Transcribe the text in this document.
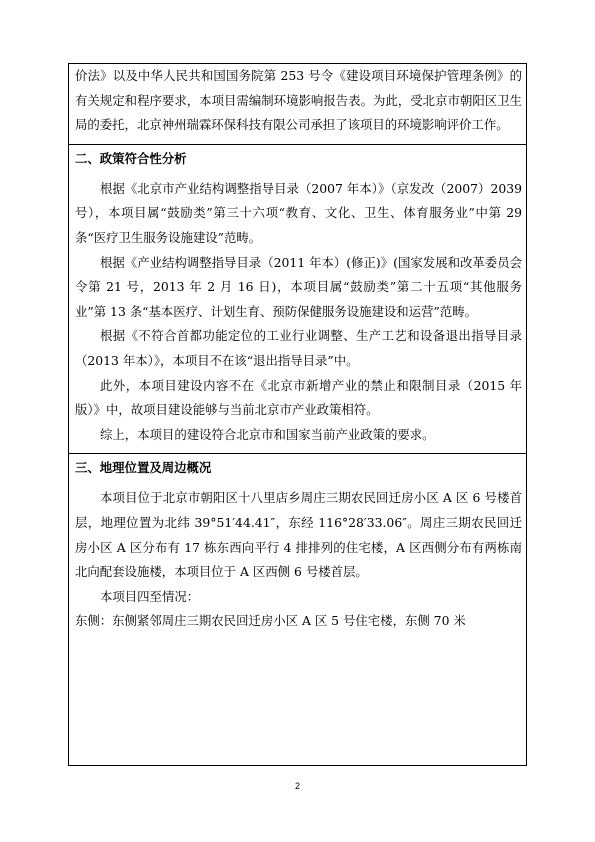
价法》以及中华人民共和国国务院第 253 号令《建设项目环境保护管理条例》的有关规定和程序要求，本项目需编制环境影响报告表。为此，受北京市朝阳区卫生局的委托，北京神州瑞霖环保科技有限公司承担了该项目的环境影响评价工作。

二、政策符合性分析

根据《北京市产业结构调整指导目录（2007 年本）》（京发改（2007）2039 号），本项目属“鼓励类”第三十六项“教育、文化、卫生、体育服务业”中第 29 条“医疗卫生服务设施建设”范畴。

根据《产业结构调整指导目录（2011 年本）(修正)》(国家发展和改革委员会令第 21 号，2013 年 2 月 16 日)，本项目属“鼓励类”第二十五项“其他服务业”第 13 条“基本医疗、计划生育、预防保健服务设施建设和运营”范畴。

根据《不符合首都功能定位的工业行业调整、生产工艺和设备退出指导目录（2013 年本）》，本项目不在该“退出指导目录”中。

此外，本项目建设内容不在《北京市新增产业的禁止和限制目录（2015 年版）》中，故项目建设能够与当前北京市产业政策相符。

综上，本项目的建设符合北京市和国家当前产业政策的要求。

三、地理位置及周边概况

本项目位于北京市朝阳区十八里店乡周庄三期农民回迁房小区 A 区 6 号楼首层，地理位置为北纬 39°51′44.41″，东经 116°28′33.06″。周庄三期农民回迁房小区 A 区分布有 17 栋东西向平行 4 排排列的住宅楼，A 区西侧分布有两栋南北向配套设施楼，本项目位于 A 区西侧 6 号楼首层。

本项目四至情况：

东侧：东侧紧邻周庄三期农民回迁房小区 A 区 5 号住宅楼，东侧 70 米

2
